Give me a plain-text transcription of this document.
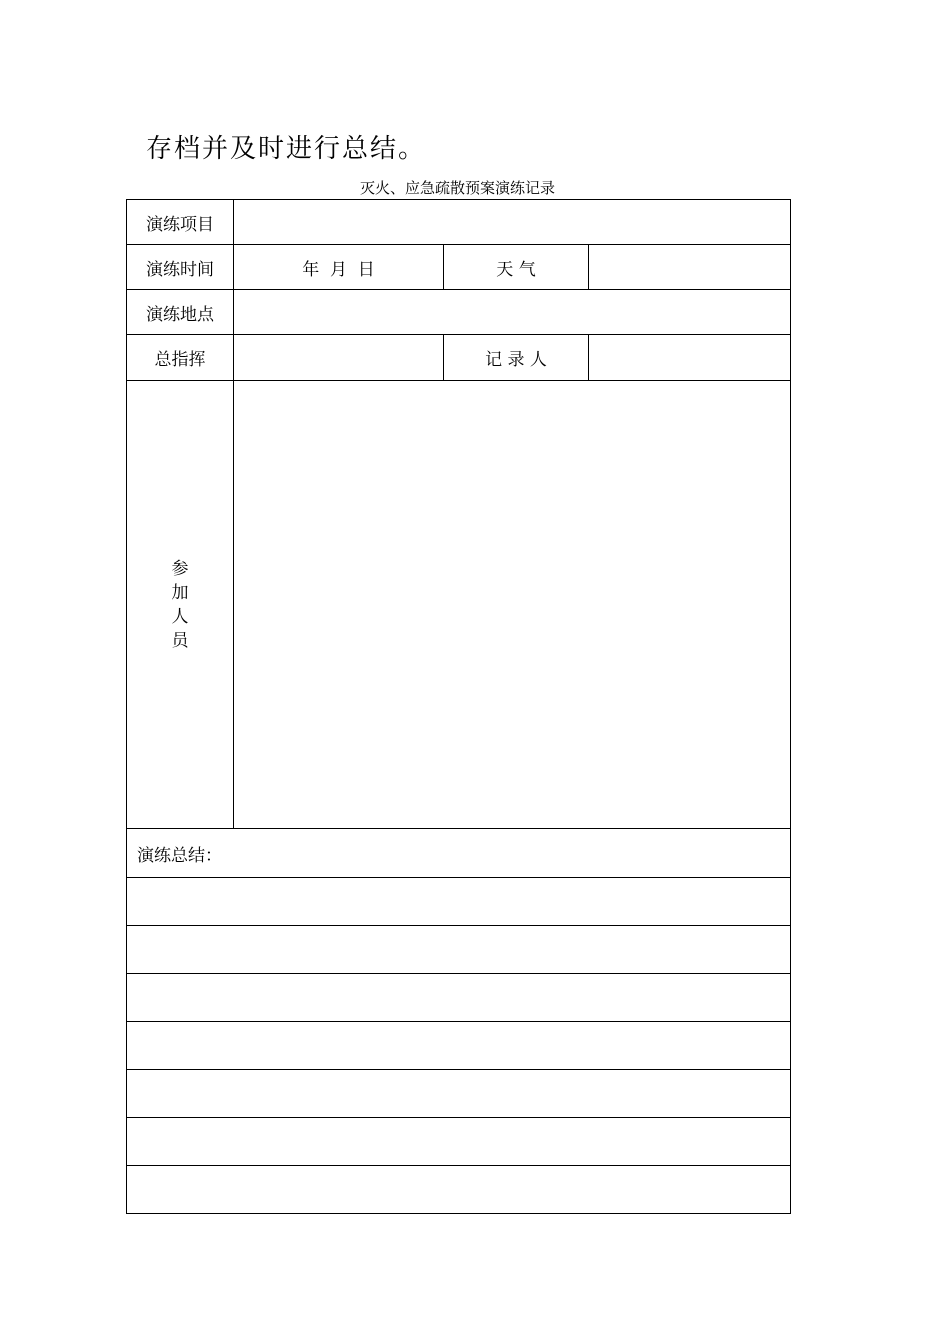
存档并及时进行总结。
灭火、应急疏散预案演练记录
演练项目			
演练时间	年  月  日	天 气	
演练地点			
总指挥		记 录 人	

参
加
人
员			

演练总结：			
